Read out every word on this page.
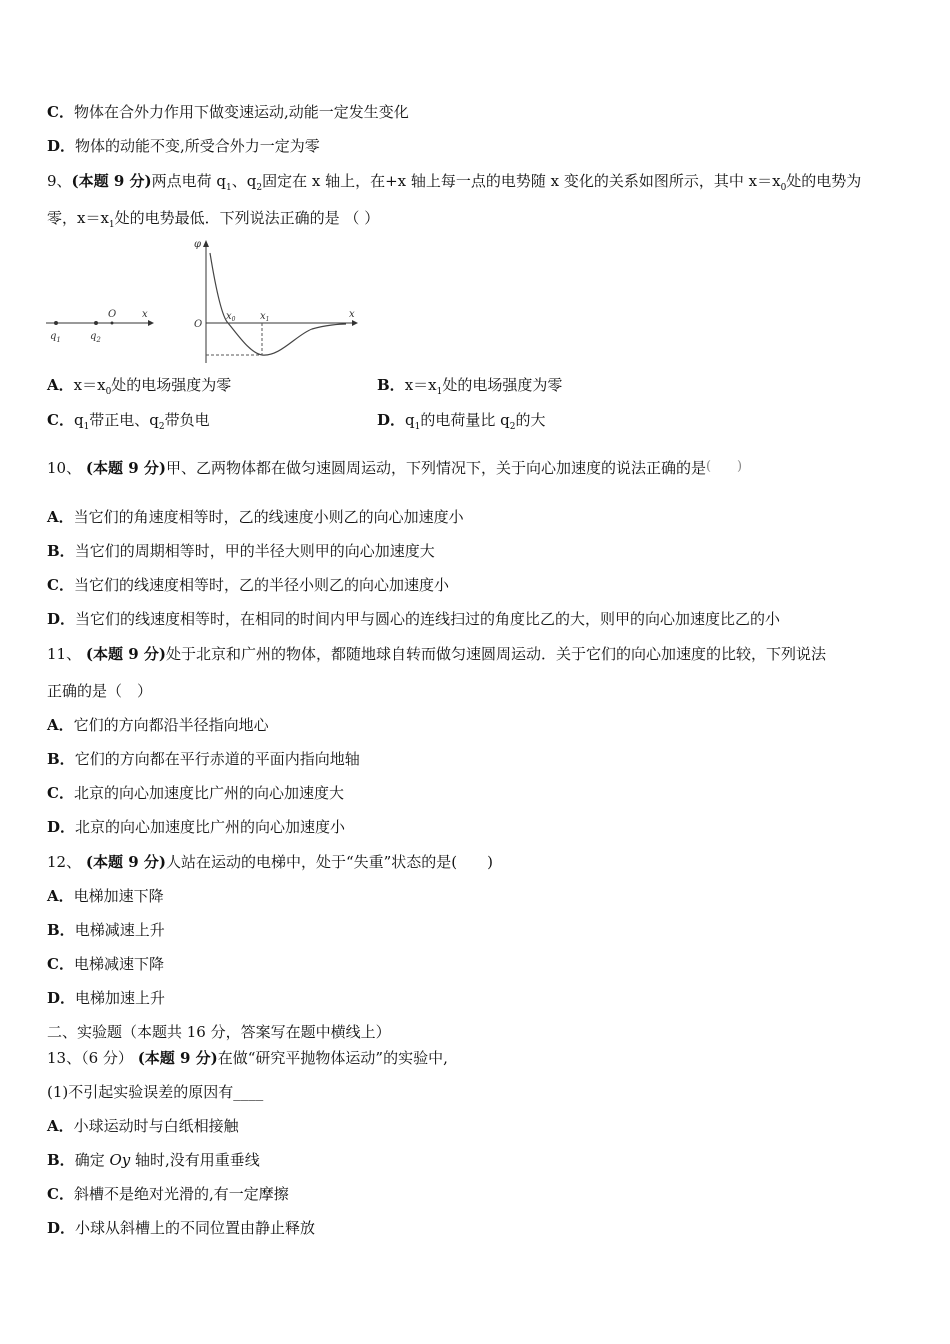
C．物体在合外力作用下做变速运动,动能一定发生变化
D．物体的动能不变,所受合外力一定为零
9、(本题 9 分)两点电荷 $q_1$、$q_2$固定在 x 轴上，在+x 轴上每一点的电势随 x 变化的关系如图所示，其中 $x=x_0$处的电势为
零，$x=x_1$处的电势最低．下列说法正确的是 （ ）
$q_1$	$q_2$
O	x
φ
O
$x_0$ $x_1$	x
A．$x=x_0$处的电场强度为零	B．$x=x_1$处的电场强度为零
C．$q_1$带正电、$q_2$带负电	D．$q_1$的电荷量比 $q_2$的大
10、 (本题 9 分)甲、乙两物体都在做匀速圆周运动，下列情况下，关于向心加速度的说法正确的是(　　)
A．当它们的角速度相等时，乙的线速度小则乙的向心加速度小
B．当它们的周期相等时，甲的半径大则甲的向心加速度大
C．当它们的线速度相等时，乙的半径小则乙的向心加速度小
D．当它们的线速度相等时，在相同的时间内甲与圆心的连线扫过的角度比乙的大，则甲的向心加速度比乙的小
11、 (本题 9 分)处于北京和广州的物体，都随地球自转而做匀速圆周运动．关于它们的向心加速度的比较，下列说法
正确的是（　）
A．它们的方向都沿半径指向地心
B．它们的方向都在平行赤道的平面内指向地轴
C．北京的向心加速度比广州的向心加速度大
D．北京的向心加速度比广州的向心加速度小
12、 (本题 9 分)人站在运动的电梯中，处于“失重”状态的是(　　)
A．电梯加速下降
B．电梯减速上升
C．电梯减速下降
D．电梯加速上升
二、实验题（本题共 16 分，答案写在题中横线上）
13、（6 分） (本题 9 分)在做“研究平抛物体运动”的实验中,
(1)不引起实验误差的原因有____
A．小球运动时与白纸相接触
B．确定 Oy 轴时,没有用重垂线
C．斜槽不是绝对光滑的,有一定摩擦
D．小球从斜槽上的不同位置由静止释放
